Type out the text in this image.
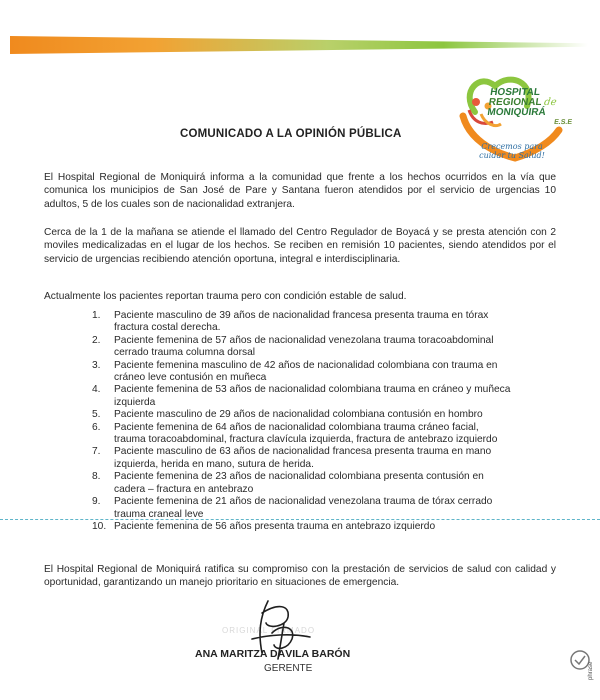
HOSPITAL
REGIONAL de
MONIQUIRÁ
E.S.E
Crecemos para
cuidar tu Salud!
COMUNICADO A LA OPINIÓN PÚBLICA
El Hospital Regional de Moniquirá informa a la comunidad que frente a los hechos ocurridos en la vía que comunica los municipios de San José de Pare y Santana fueron atendidos por el servicio de urgencias 10 adultos, 5 de los cuales son de nacionalidad extranjera.
Cerca de la 1 de la mañana se atiende el llamado del Centro Regulador de Boyacá y se presta atención con 2 moviles medicalizadas en el lugar de los hechos. Se reciben en remisión 10 pacientes, siendo atendidos por el servicio de urgencias recibiendo atención oportuna, integral e interdisciplinaria.
Actualmente los pacientes reportan trauma pero con condición estable de salud.
1. Paciente masculino de 39 años de nacionalidad francesa presenta trauma en tórax fractura costal derecha.
2. Paciente femenina de 57 años de nacionalidad venezolana trauma toracoabdominal cerrado trauma columna dorsal
3. Paciente femenina masculino de 42 años de nacionalidad colombiana con trauma en cráneo leve contusión en muñeca
4. Paciente femenina de 53 años de nacionalidad colombiana trauma en cráneo y muñeca izquierda
5. Paciente masculino de 29 años de nacionalidad colombiana contusión en hombro
6. Paciente femenina de 64 años de nacionalidad colombiana trauma cráneo facial, trauma toracoabdominal, fractura clavícula izquierda, fractura de antebrazo izquierdo
7. Paciente masculino de 63 años de nacionalidad francesa presenta trauma en mano izquierda, herida en mano, sutura de herida.
8. Paciente femenina de 23 años de nacionalidad colombiana presenta contusión en cadera – fractura en antebrazo
9. Paciente femenina de 21 años de nacionalidad venezolana trauma de tórax cerrado trauma craneal leve
10. Paciente femenina de 56 años presenta trauma en antebrazo izquierdo
El Hospital Regional de Moniquirá ratifica su compromiso con la prestación de servicios de salud con calidad y oportunidad, garantizando un manejo prioritario en situaciones de emergencia.
ORIGINAL FIRMADO
ANA MARITZA DÁVILA BARÓN
GERENTE	phrase
